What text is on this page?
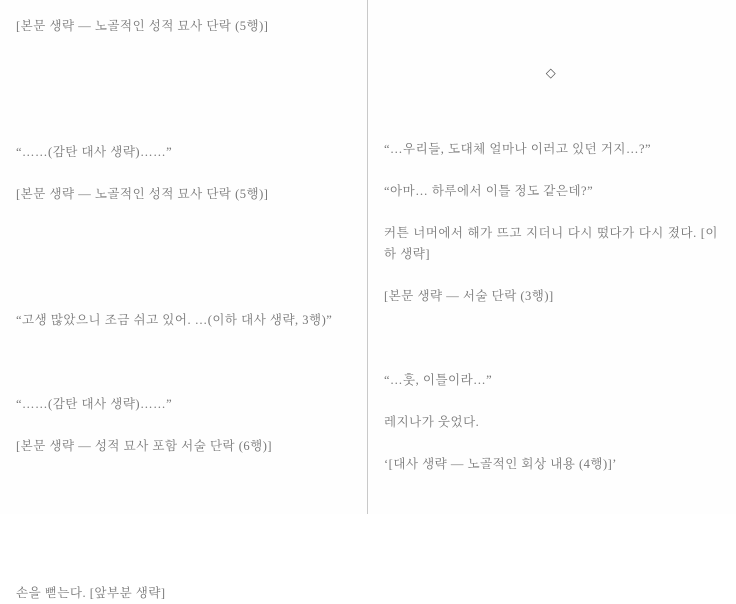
[본문 생략 — 노골적인 성적 묘사 단락 (5행)]

“……(감탄 대사 생략)……”

[본문 생략 — 노골적인 성적 묘사 단락 (5행)]

“고생 많았으니 조금 쉬고 있어. …(이하 대사 생략, 3행)”

“……(감탄 대사 생략)……”

[본문 생략 — 성적 묘사 포함 서술 단락 (6행)]

손을 뻗는다. [앞부분 생략]

◇

“…우리들, 도대체 얼마나 이러고 있던 거지…?”

“아마… 하루에서 이틀 정도 같은데?”

커튼 너머에서 해가 뜨고 지더니 다시 떴다가 다시 졌다. [이하 생략]

[본문 생략 — 서술 단락 (3행)]

“…훗, 이틀이라…”

레지나가 웃었다.

‘[대사 생략 — 노골적인 회상 내용 (4행)]’
